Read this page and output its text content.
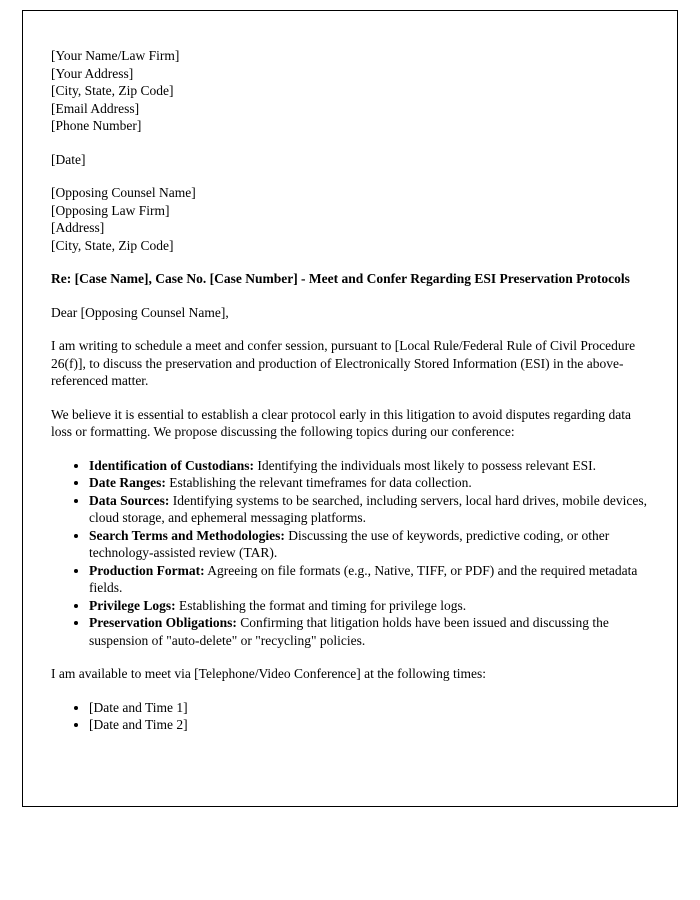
[Your Name/Law Firm]
[Your Address]
[City, State, Zip Code]
[Email Address]
[Phone Number]
[Date]
[Opposing Counsel Name]
[Opposing Law Firm]
[Address]
[City, State, Zip Code]

Re: [Case Name], Case No. [Case Number] - Meet and Confer Regarding ESI Preservation Protocols

Dear [Opposing Counsel Name],

I am writing to schedule a meet and confer session, pursuant to [Local Rule/Federal Rule of Civil Procedure 26(f)], to discuss the preservation and production of Electronically Stored Information (ESI) in the above-referenced matter.

We believe it is essential to establish a clear protocol early in this litigation to avoid disputes regarding data loss or formatting. We propose discussing the following topics during our conference:

• Identification of Custodians: Identifying the individuals most likely to possess relevant ESI.
• Date Ranges: Establishing the relevant timeframes for data collection.
• Data Sources: Identifying systems to be searched, including servers, local hard drives, mobile devices, cloud storage, and ephemeral messaging platforms.
• Search Terms and Methodologies: Discussing the use of keywords, predictive coding, or other technology-assisted review (TAR).
• Production Format: Agreeing on file formats (e.g., Native, TIFF, or PDF) and the required metadata fields.
• Privilege Logs: Establishing the format and timing for privilege logs.
• Preservation Obligations: Confirming that litigation holds have been issued and discussing the suspension of "auto-delete" or "recycling" policies.

I am available to meet via [Telephone/Video Conference] at the following times:

• [Date and Time 1]
• [Date and Time 2]
